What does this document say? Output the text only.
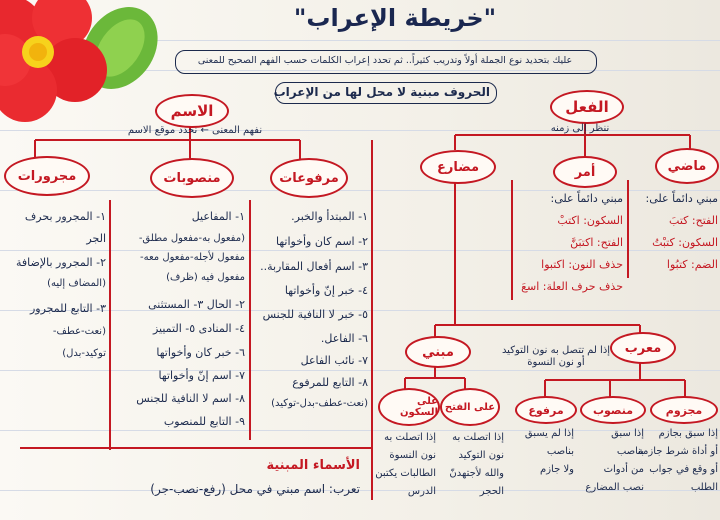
"خريطة الإعراب"
عليك بتحديد نوع الجملة أولاً وتدريب كثيراً.. ثم تحدد إعراب الكلمات حسب الفهم الصحيح للمعنى
الحروف مبنية لا محل لها من الإعراب
الاسم
نفهم المعنى ← نحدد موقع الاسم
مرفوعات
منصوبات
مجرورات
١- المبتدأ والخبر.
٢- اسم كان وأخواتها
٣- اسم أفعال المقاربة..
٤- خبر إنّ وأخواتها
٥- خبر لا النافية للجنس
٦- الفاعل.
٧- نائب الفاعل
٨- التابع للمرفوع
(نعت-عطف-بدل-توكيد)
١- المفاعيل
(مفعول به-مفعول مطلق-
مفعول لأجله-مفعول معه-
مفعول فيه (ظرف)
٢- الحال ٣- المستثنى
٤- المنادى ٥- التمييز
٦- خبر كان وأخواتها
٧- اسم إنّ وأخواتها
٨- اسم لا النافية للجنس
٩- التابع للمنصوب
١- المجرور بحرف
الجر
٢- المجرور بالإضافة
(المضاف إليه)
٣- التابع للمجرور
(نعت-عطف-
توكيد-بدل)
الأسماء المبنية
تعرب: اسم مبني في محل (رفع-نصب-جر)
الفعل
ننظر إلى زمنه
ماضي
أمر
مضارع
مبني دائماً على:
الفتح: كتبَ
السكون: كتبْتُ
الضم: كتبُوا
مبني دائماً على:
السكون: اكتبْ
الفتح: اكتبَنَّ
حذف النون: اكتبوا
حذف حرف العلة: اسعَ
معرب
إذا لم تتصل به نون التوكيد أو نون النسوة
مبني
مرفوع	منصوب	مجزوم
إذا لم يسبق
بناصب
ولا جازم
إذا سبق
بناصب
من أدوات
نصب المضارع
إذا سبق بجازم
أو أداة شرط جازمة
أو وقع في جواب
الطلب
على الفتح
على السكون
إذا اتصلت به
نون التوكيد
والله لأجتهدنّ
الحجر
إذا اتصلت به
نون النسوة
الطالبات يكتبن
الدرس
